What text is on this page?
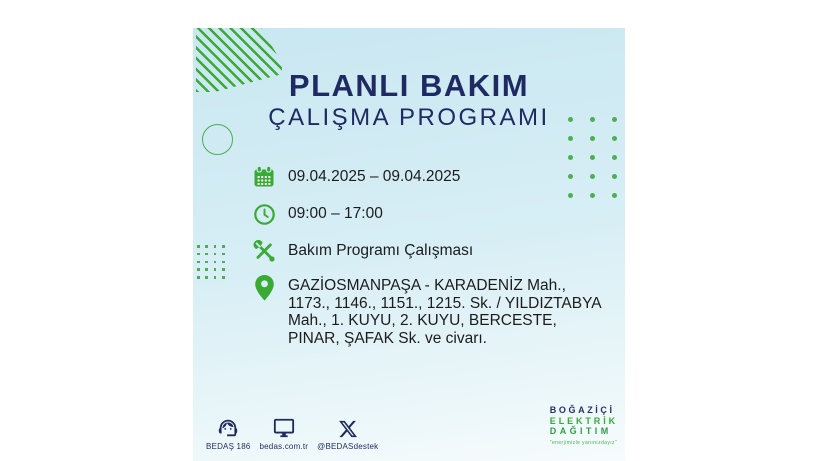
PLANLI BAKIM
ÇALIŞMA PROGRAMI
09.04.2025 – 09.04.2025
09:00 – 17:00
Bakım Programı Çalışması
GAZİOSMANPAŞA - KARADENİZ Mah., 1173., 1146., 1151., 1215. Sk. / YILDIZTABYA Mah., 1. KUYU, 2. KUYU, BERCESTE, PINAR, ŞAFAK Sk. ve civarı.
BEDAŞ 186 bedas.com.tr @BEDASdestek
BOĞAZİÇİ
ELEKTRİK
DAĞITIM
"enerjimizle yanınızdayız"
